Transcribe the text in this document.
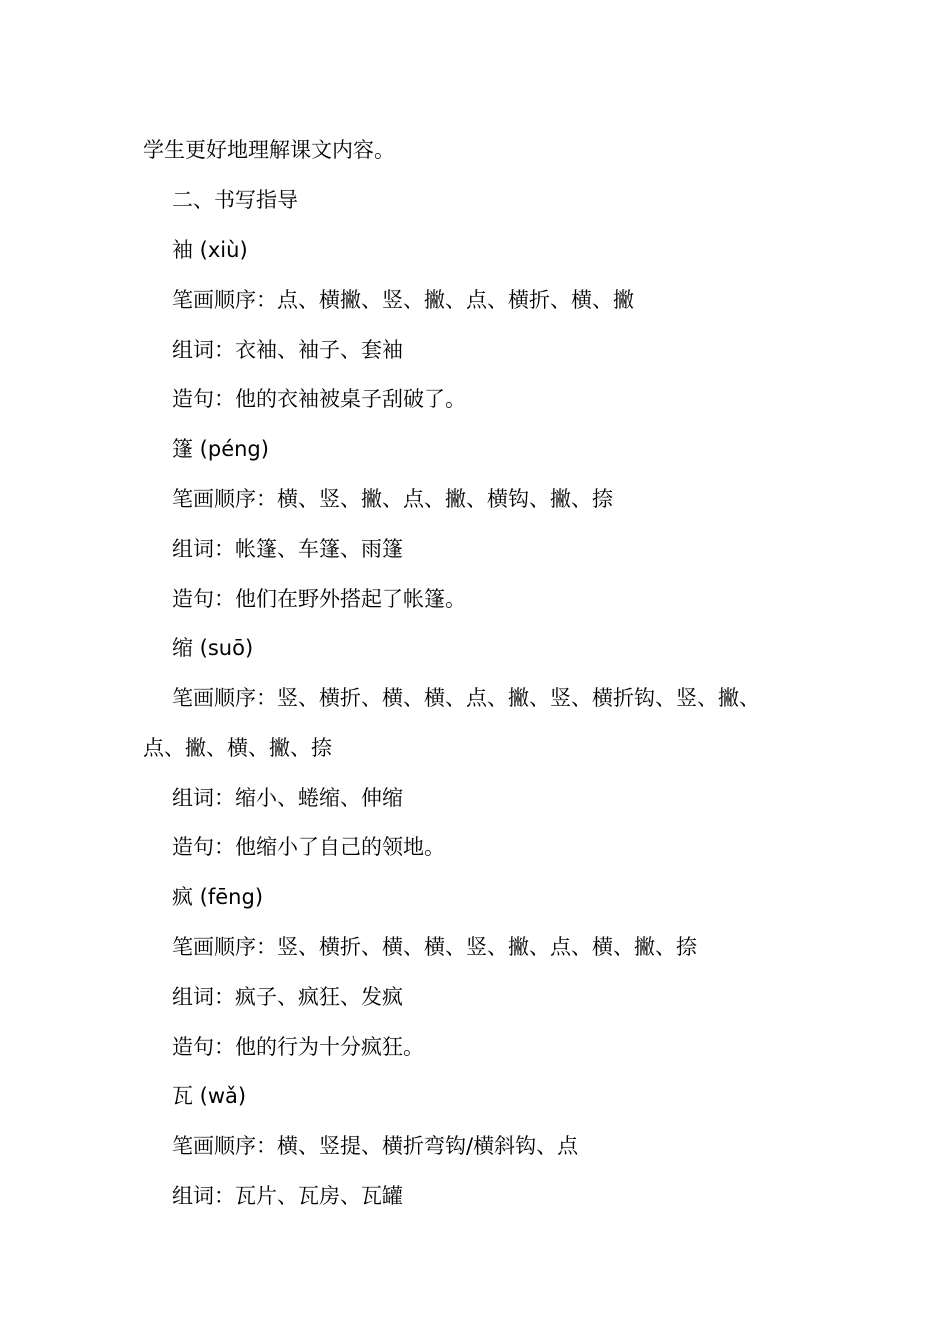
学生更好地理解课文内容。
二、书写指导
袖 (xiù)
笔画顺序：点、横撇、竖、撇、点、横折、横、撇
组词：衣袖、袖子、套袖
造句：他的衣袖被桌子刮破了。
篷 (péng)
笔画顺序：横、竖、撇、点、撇、横钩、撇、捺
组词：帐篷、车篷、雨篷
造句：他们在野外搭起了帐篷。
缩 (suō)
笔画顺序：竖、横折、横、横、点、撇、竖、横折钩、竖、撇、
点、撇、横、撇、捺
组词：缩小、蜷缩、伸缩
造句：他缩小了自己的领地。
疯 (fēng)
笔画顺序：竖、横折、横、横、竖、撇、点、横、撇、捺
组词：疯子、疯狂、发疯
造句：他的行为十分疯狂。
瓦 (wǎ)
笔画顺序：横、竖提、横折弯钩/横斜钩、点
组词：瓦片、瓦房、瓦罐
